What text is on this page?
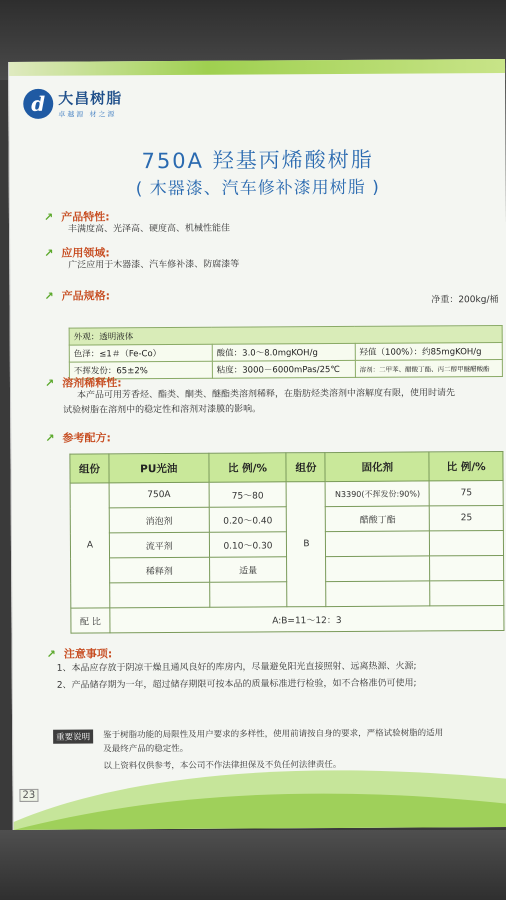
d 大昌树脂
卓越源 材之源
750A 羟基丙烯酸树脂
( 木器漆、汽车修补漆用树脂 )
↗ 产品特性:
丰满度高、光泽高、硬度高、机械性能佳
↗ 应用领域:
广泛应用于木器漆、汽车修补漆、防腐漆等
↗ 产品规格:	净重：200kg/桶
外观：透明液体		
色泽：≤1＃（Fe-Co）	酸值：3.0～8.0mgKOH/g	羟值（100%）：约85mgKOH/g
不挥发份：65±2%	粘度：3000－6000mPas/25℃	溶剂：二甲苯、醋酸丁酯、丙二醇甲醚醋酸酯
↗ 溶剂稀释性:
本产品可用芳香烃、酯类、酮类、醚酯类溶剂稀释，在脂肪烃类溶剂中溶解度有限，使用时请先
试验树脂在溶剂中的稳定性和溶剂对漆膜的影响。
↗ 参考配方:
组份	PU光油	比 例/%	组份	固化剂	比 例/%
A	750A	75～80	B	N3390(不挥发份:90%)	75
	消泡剂	0.20～0.40		醋酸丁酯	25
	流平剂	0.10～0.30			
	稀释剂	适量			

配 比	A:B=11～12：3				
↗ 注意事项:
1、本品应存放于阴凉干燥且通风良好的库房内，尽量避免阳光直接照射、远离热源、火源;
2、产品储存期为一年，超过储存期限可按本品的质量标准进行检验，如不合格准仍可使用;
重要说明	鉴于树脂功能的局限性及用户要求的多样性，使用前请按自身的要求，严格试验树脂的适用
及最终产品的稳定性。
以上资料仅供参考，本公司不作法律担保及不负任何法律责任。
23
